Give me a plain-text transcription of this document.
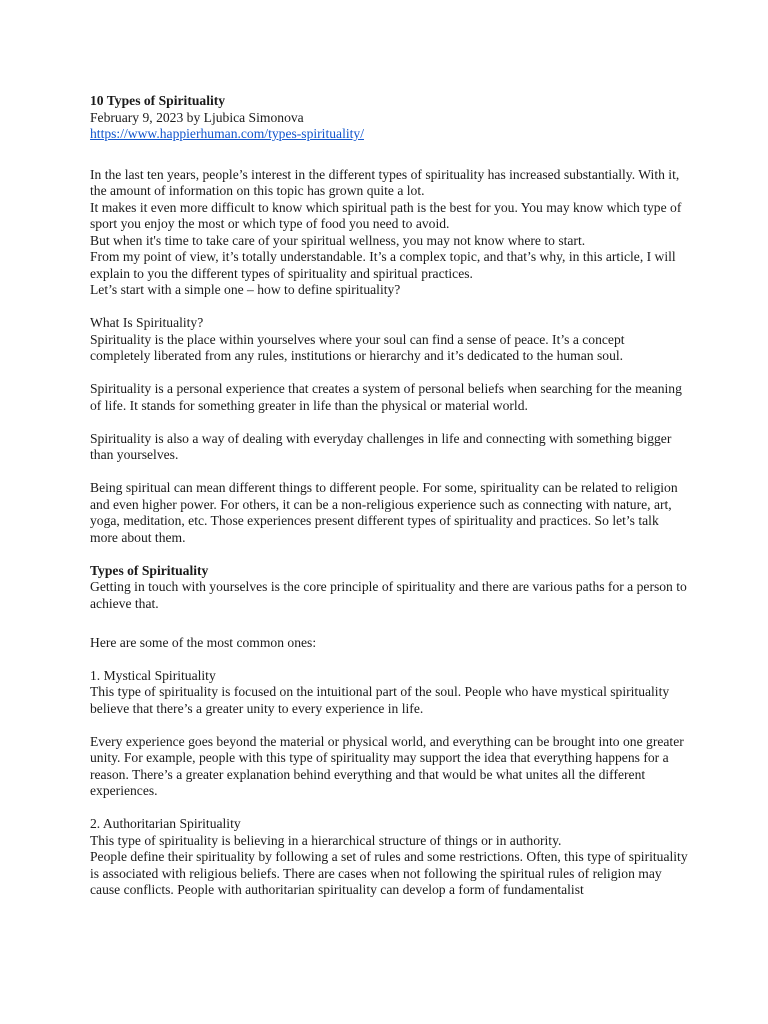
10 Types of Spirituality

February 9, 2023 by Ljubica Simonova

https://www.happierhuman.com/types-spirituality/

In the last ten years, people’s interest in the different types of spirituality has increased substantially. With it, the amount of information on this topic has grown quite a lot.

It makes it even more difficult to know which spiritual path is the best for you. You may know which type of sport you enjoy the most or which type of food you need to avoid.

But when it's time to take care of your spiritual wellness, you may not know where to start.

From my point of view, it’s totally understandable. It’s a complex topic, and that’s why, in this article, I will explain to you the different types of spirituality and spiritual practices.

Let’s start with a simple one – how to define spirituality?

What Is Spirituality?

Spirituality is the place within yourselves where your soul can find a sense of peace. It’s a concept completely liberated from any rules, institutions or hierarchy and it’s dedicated to the human soul.

Spirituality is a personal experience that creates a system of personal beliefs when searching for the meaning of life. It stands for something greater in life than the physical or material world.

Spirituality is also a way of dealing with everyday challenges in life and connecting with something bigger than yourselves.

Being spiritual can mean different things to different people. For some, spirituality can be related to religion and even higher power. For others, it can be a non-religious experience such as connecting with nature, art, yoga, meditation, etc. Those experiences present different types of spirituality and practices. So let’s talk more about them.

Types of Spirituality

Getting in touch with yourselves is the core principle of spirituality and there are various paths for a person to achieve that.

Here are some of the most common ones:

1. Mystical Spirituality

This type of spirituality is focused on the intuitional part of the soul. People who have mystical spirituality believe that there’s a greater unity to every experience in life.

Every experience goes beyond the material or physical world, and everything can be brought into one greater unity. For example, people with this type of spirituality may support the idea that everything happens for a reason. There’s a greater explanation behind everything and that would be what unites all the different experiences.

2. Authoritarian Spirituality

This type of spirituality is believing in a hierarchical structure of things or in authority.

People define their spirituality by following a set of rules and some restrictions. Often, this type of spirituality is associated with religious beliefs. There are cases when not following the spiritual rules of religion may cause conflicts. People with authoritarian spirituality can develop a form of fundamentalist
